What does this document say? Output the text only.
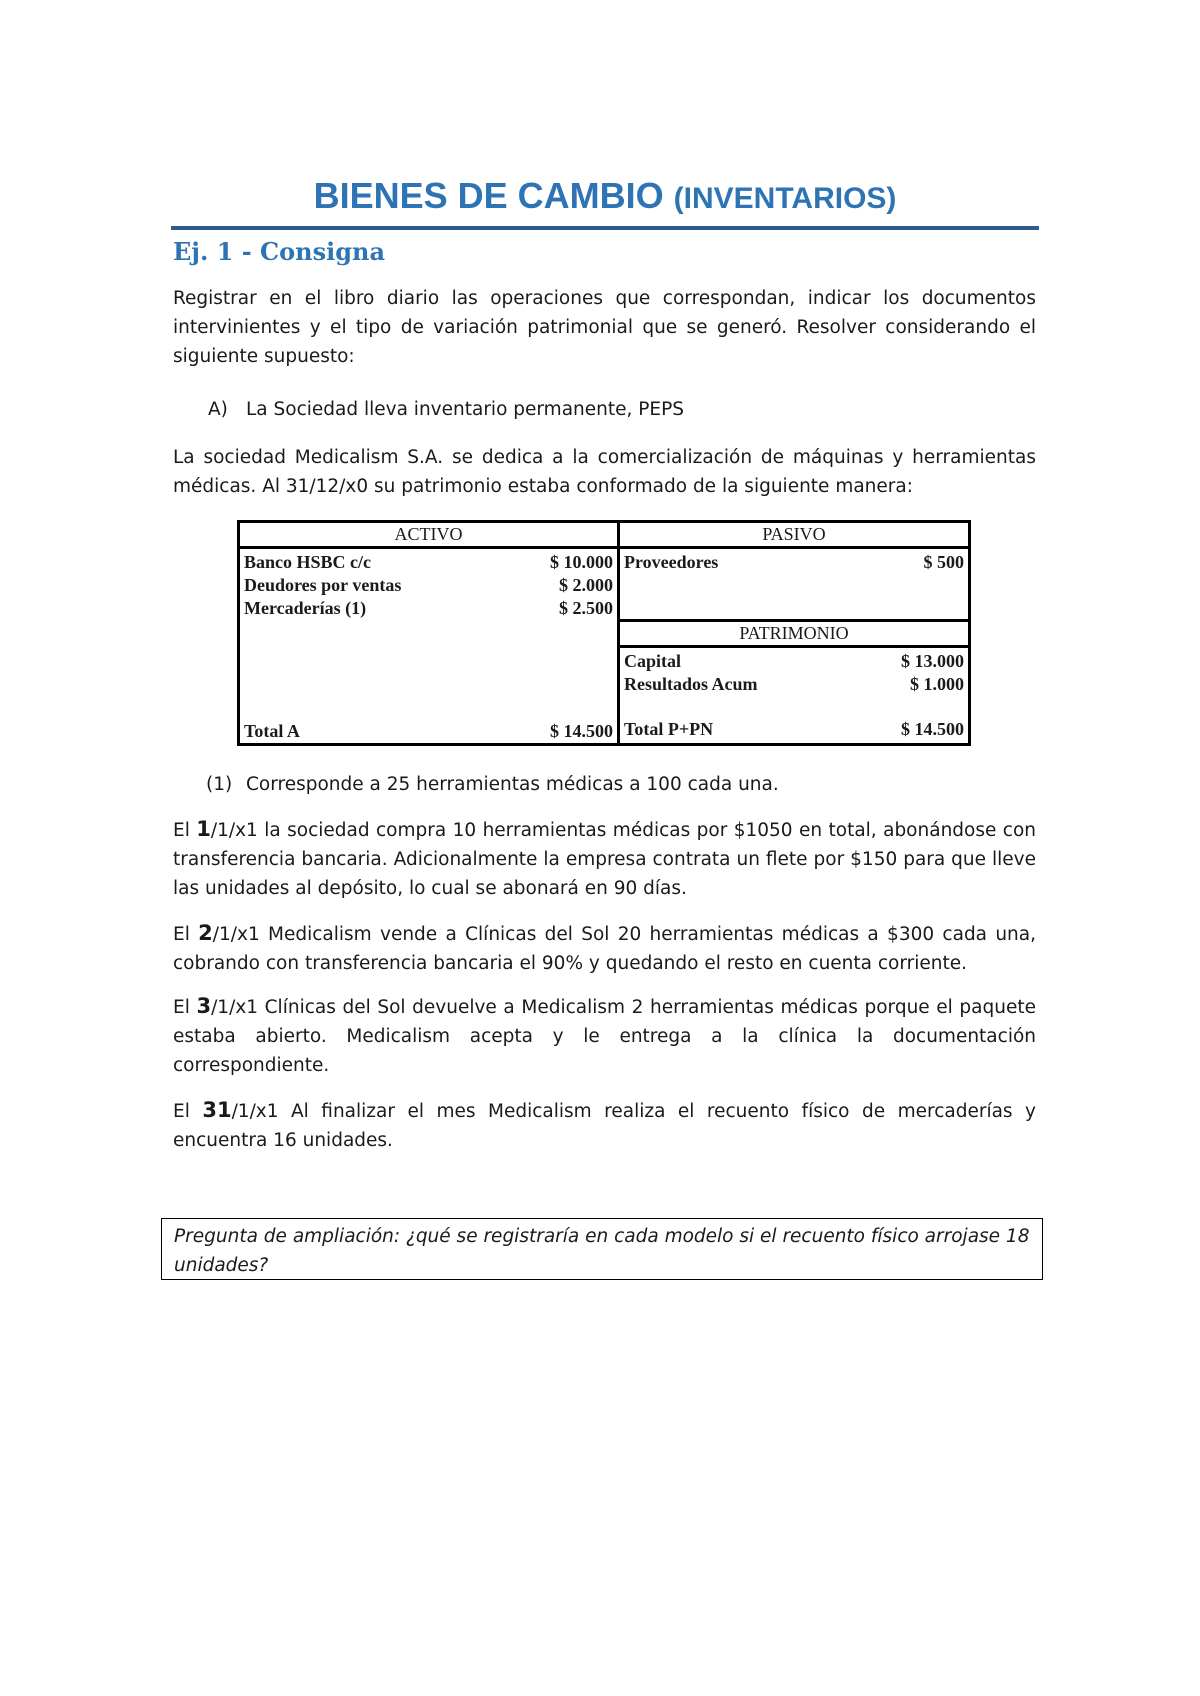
BIENES DE CAMBIO (INVENTARIOS)
Ej. 1 - Consigna
Registrar en el libro diario las operaciones que correspondan, indicar los documentos intervinientes y el tipo de variación patrimonial que se generó. Resolver considerando el siguiente supuesto:
A) La Sociedad lleva inventario permanente, PEPS
La sociedad Medicalism S.A. se dedica a la comercialización de máquinas y herramientas médicas. Al 31/12/x0 su patrimonio estaba conformado de la siguiente manera:
ACTIVO
Banco HSBC c/c	$ 10.000
Deudores por ventas	$ 2.000
Mercaderías (1)	$ 2.500
Total A	$ 14.500

PASIVO
Proveedores	$ 500

PATRIMONIO
Capital	$ 13.000
Resultados Acum	$ 1.000
Total P+PN	$ 14.500
(1) Corresponde a 25 herramientas médicas a 100 cada una.
El 1/1/x1 la sociedad compra 10 herramientas médicas por $1050 en total, abonándose con transferencia bancaria. Adicionalmente la empresa contrata un flete por $150 para que lleve las unidades al depósito, lo cual se abonará en 90 días.
El 2/1/x1 Medicalism vende a Clínicas del Sol 20 herramientas médicas a $300 cada una, cobrando con transferencia bancaria el 90% y quedando el resto en cuenta corriente.
El 3/1/x1 Clínicas del Sol devuelve a Medicalism 2 herramientas médicas porque el paquete estaba abierto. Medicalism acepta y le entrega a la clínica la documentación correspondiente.
El 31/1/x1 Al finalizar el mes Medicalism realiza el recuento físico de mercaderías y encuentra 16 unidades.
Pregunta de ampliación: ¿qué se registraría en cada modelo si el recuento físico arrojase 18 unidades?
